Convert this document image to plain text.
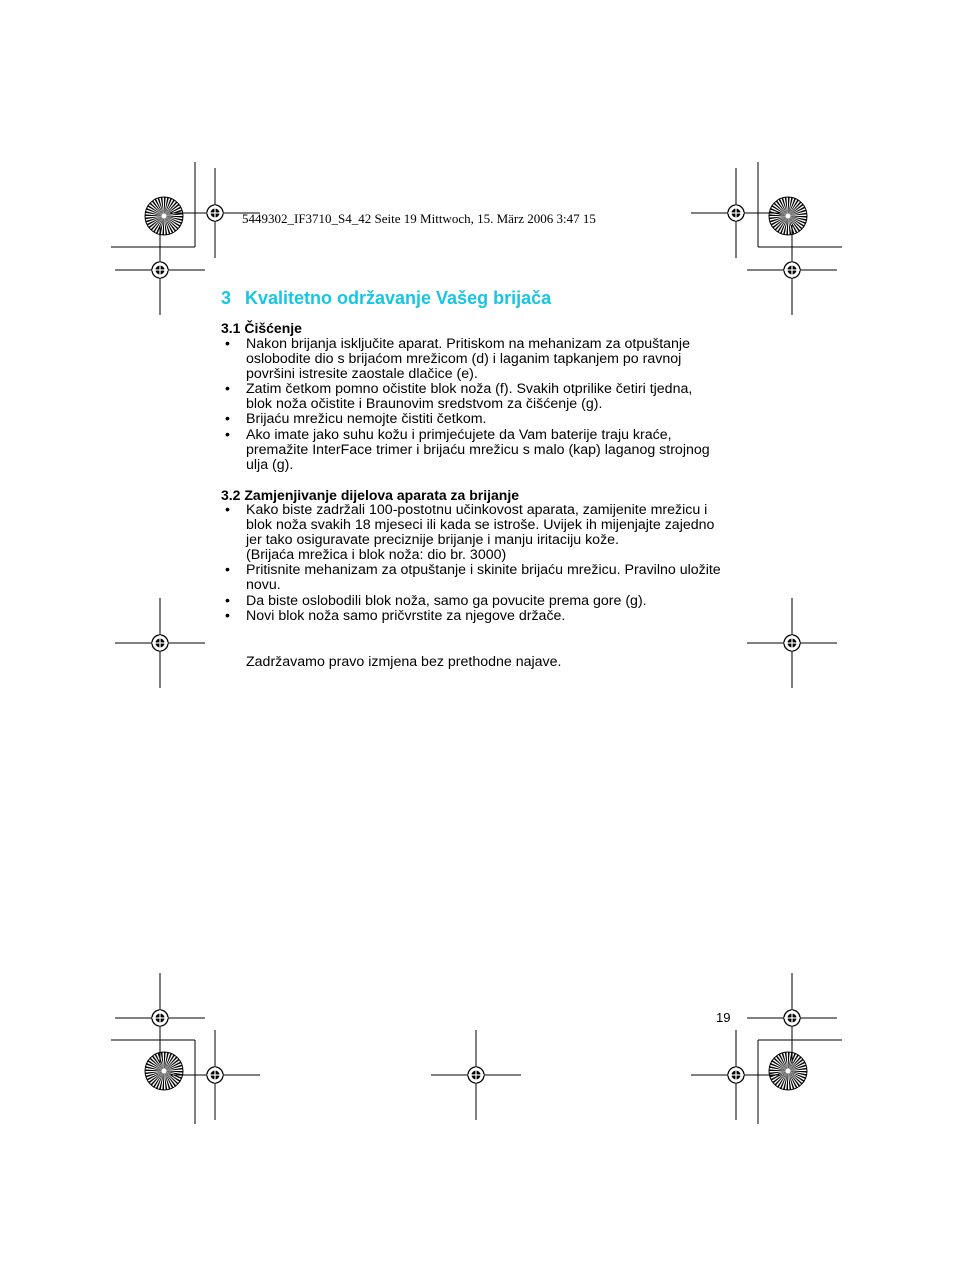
5449302_IF3710_S4_42 Seite 19 Mittwoch, 15. März 2006 3:47 15
3 Kvalitetno održavanje Vašeg brijača
3.1 Čišćenje
• Nakon brijanja isključite aparat. Pritiskom na mehanizam za otpuštanje
oslobodite dio s brijaćom mrežicom (d) i laganim tapkanjem po ravnoj
površini istresite zaostale dlačice (e).
• Zatim četkom pomno očistite blok noža (f). Svakih otprilike četiri tjedna,
blok noža očistite i Braunovim sredstvom za čišćenje (g).
• Brijaću mrežicu nemojte čistiti četkom.
• Ako imate jako suhu kožu i primjećujete da Vam baterije traju kraće,
premažite InterFace trimer i brijaću mrežicu s malo (kap) laganog strojnog
ulja (g).
3.2 Zamjenjivanje dijelova aparata za brijanje
• Kako biste zadržali 100-postotnu učinkovost aparata, zamijenite mrežicu i
blok noža svakih 18 mjeseci ili kada se istroše. Uvijek ih mijenjajte zajedno
jer tako osiguravate preciznije brijanje i manju iritaciju kože.
(Brijaća mrežica i blok noža: dio br. 3000)
• Pritisnite mehanizam za otpuštanje i skinite brijaću mrežicu. Pravilno uložite
novu.
• Da biste oslobodili blok noža, samo ga povucite prema gore (g).
• Novi blok noža samo pričvrstite za njegove držače.

Zadržavamo pravo izmjena bez prethodne najave.

19
